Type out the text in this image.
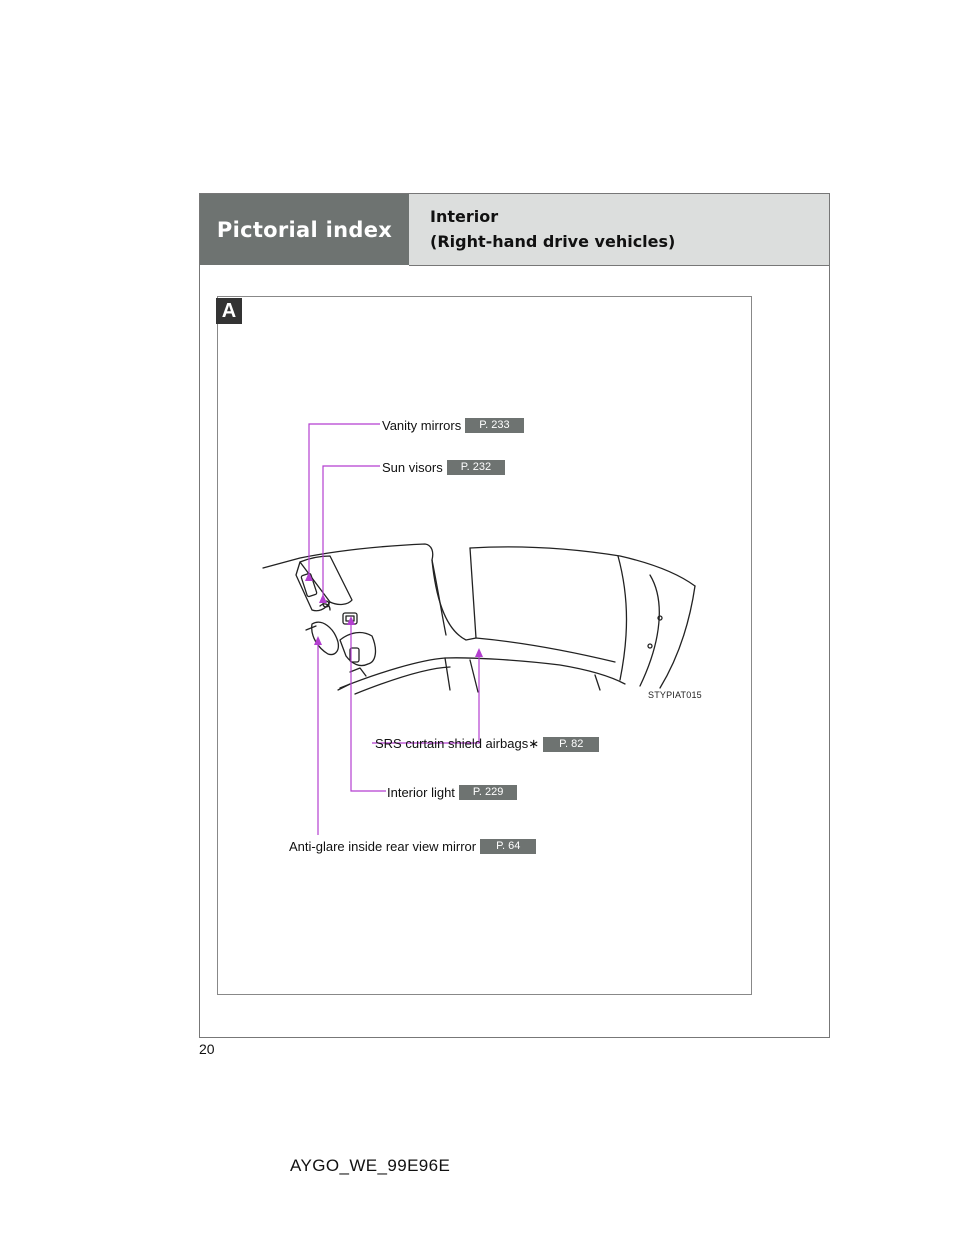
Pictorial index
Interior
(Right-hand drive vehicles)
A
STYPIAT015
Vanity mirrors	P. 233
Sun visors	P. 232
SRS curtain shield airbags∗	P. 82
Interior light	P. 229
Anti-glare inside rear view mirror	P. 64
20
AYGO_WE_99E96E
